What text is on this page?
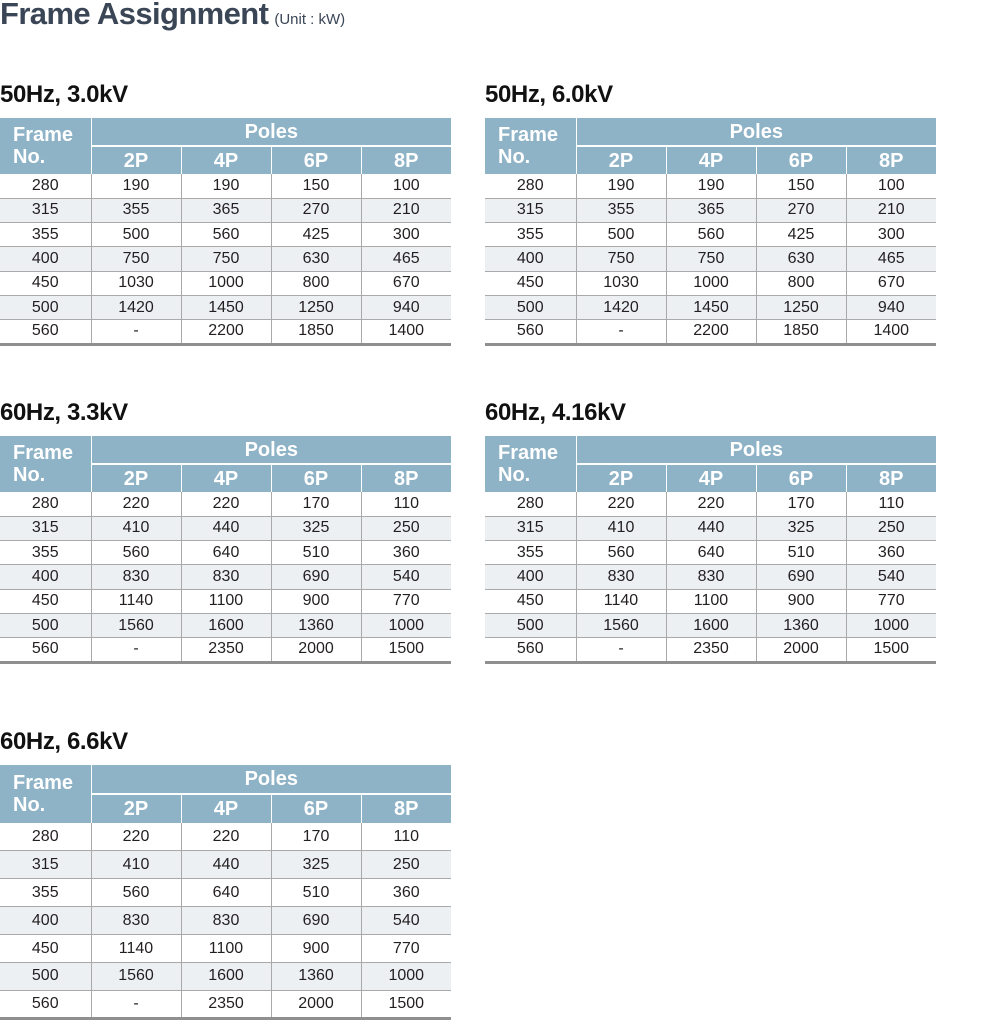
Frame Assignment (Unit : kW)
50Hz, 3.0kV
Frame
No.	Poles			
	2P	4P	6P	8P
280	190	190	150	100
315	355	365	270	210
355	500	560	425	300
400	750	750	630	465
450	1030	1000	800	670
500	1420	1450	1250	940
560	-	2200	1850	1400
50Hz, 6.0kV
Frame
No.	Poles			
	2P	4P	6P	8P
280	190	190	150	100
315	355	365	270	210
355	500	560	425	300
400	750	750	630	465
450	1030	1000	800	670
500	1420	1450	1250	940
560	-	2200	1850	1400
60Hz, 3.3kV
Frame
No.	Poles			
	2P	4P	6P	8P
280	220	220	170	110
315	410	440	325	250
355	560	640	510	360
400	830	830	690	540
450	1140	1100	900	770
500	1560	1600	1360	1000
560	-	2350	2000	1500
60Hz, 4.16kV
Frame
No.	Poles			
	2P	4P	6P	8P
280	220	220	170	110
315	410	440	325	250
355	560	640	510	360
400	830	830	690	540
450	1140	1100	900	770
500	1560	1600	1360	1000
560	-	2350	2000	1500
60Hz, 6.6kV
Frame
No.	Poles			
	2P	4P	6P	8P
280	220	220	170	110
315	410	440	325	250
355	560	640	510	360
400	830	830	690	540
450	1140	1100	900	770
500	1560	1600	1360	1000
560	-	2350	2000	1500
